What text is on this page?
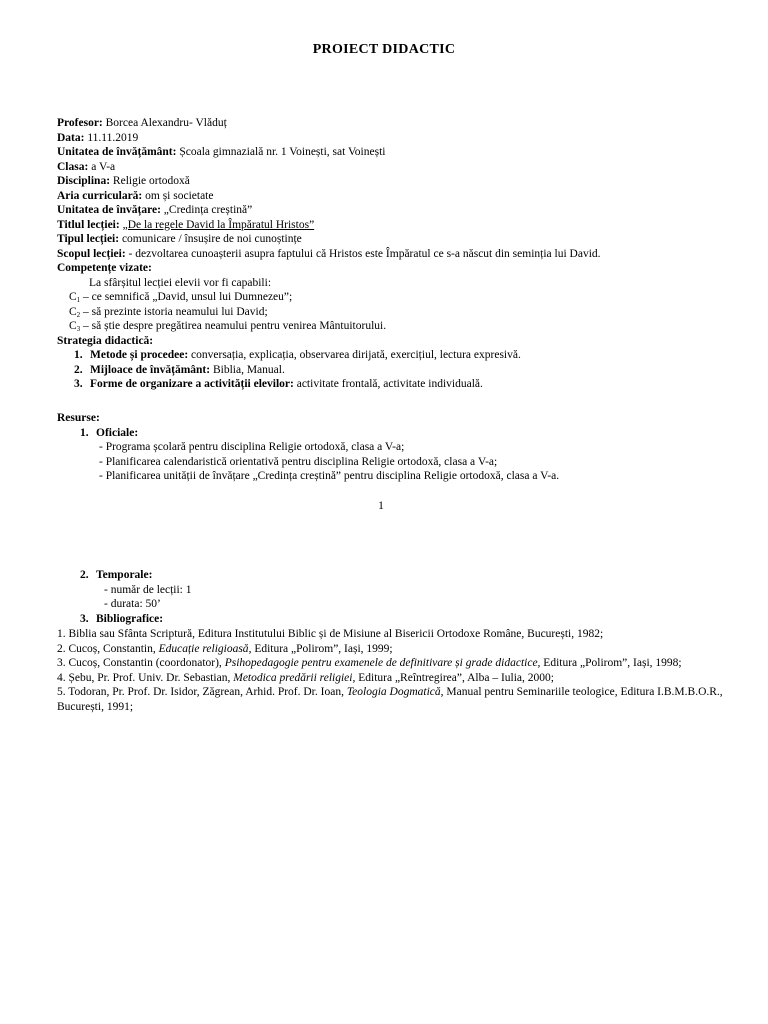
PROIECT DIDACTIC
Profesor: Borcea Alexandru- Vlăduț
Data: 11.11.2019
Unitatea de învățământ: Școala gimnazială nr. 1 Voinești, sat Voinești
Clasa: a V-a
Disciplina: Religie ortodoxă
Aria curriculară: om și societate
Unitatea de învățare: „Credința creștină”
Titlul lecției: „De la regele David la Împăratul Hristos”
Tipul lecției: comunicare / însușire de noi cunoștințe
Scopul lecției: - dezvoltarea cunoașterii asupra faptului că Hristos este Împăratul ce s-a născut din seminția lui David.
Competențe vizate:
La sfârșitul lecției elevii vor fi capabili:
$C_1$ – ce semnifică „David, unsul lui Dumnezeu”;
$C_2$ – să prezinte istoria neamului lui David;
$C_3$ – să știe despre pregătirea neamului pentru venirea Mântuitorului.
Strategia didactică:
1. Metode și procedee: conversația, explicația, observarea dirijată, exercițiul, lectura expresivă.
2. Mijloace de învățământ: Biblia, Manual.
3. Forme de organizare a activității elevilor: activitate frontală, activitate individuală.
Resurse:
1. Oficiale:
- Programa școlară pentru disciplina Religie ortodoxă, clasa a V-a;
- Planificarea calendaristică orientativă pentru disciplina Religie ortodoxă, clasa a V-a;
- Planificarea unității de învățare „Credința creștină” pentru disciplina Religie ortodoxă, clasa a V-a.
1
2. Temporale:
- număr de lecții: 1
- durata: 50’
3. Bibliografice:
1. Biblia sau Sfânta Scriptură, Editura Institutului Biblic și de Misiune al Bisericii Ortodoxe Române, București, 1982;
2. Cucoș, Constantin, Educație religioasă, Editura „Polirom”, Iași, 1999;
3. Cucoș, Constantin (coordonator), Psihopedagogie pentru examenele de definitivare și grade didactice, Editura „Polirom”, Iași, 1998;
4. Șebu, Pr. Prof. Univ. Dr. Sebastian, Metodica predării religiei, Editura „Reîntregirea”, Alba – Iulia, 2000;
5. Todoran, Pr. Prof. Dr. Isidor, Zăgrean, Arhid. Prof. Dr. Ioan, Teologia Dogmatică, Manual pentru Seminariile teologice, Editura I.B.M.B.O.R., București, 1991;
